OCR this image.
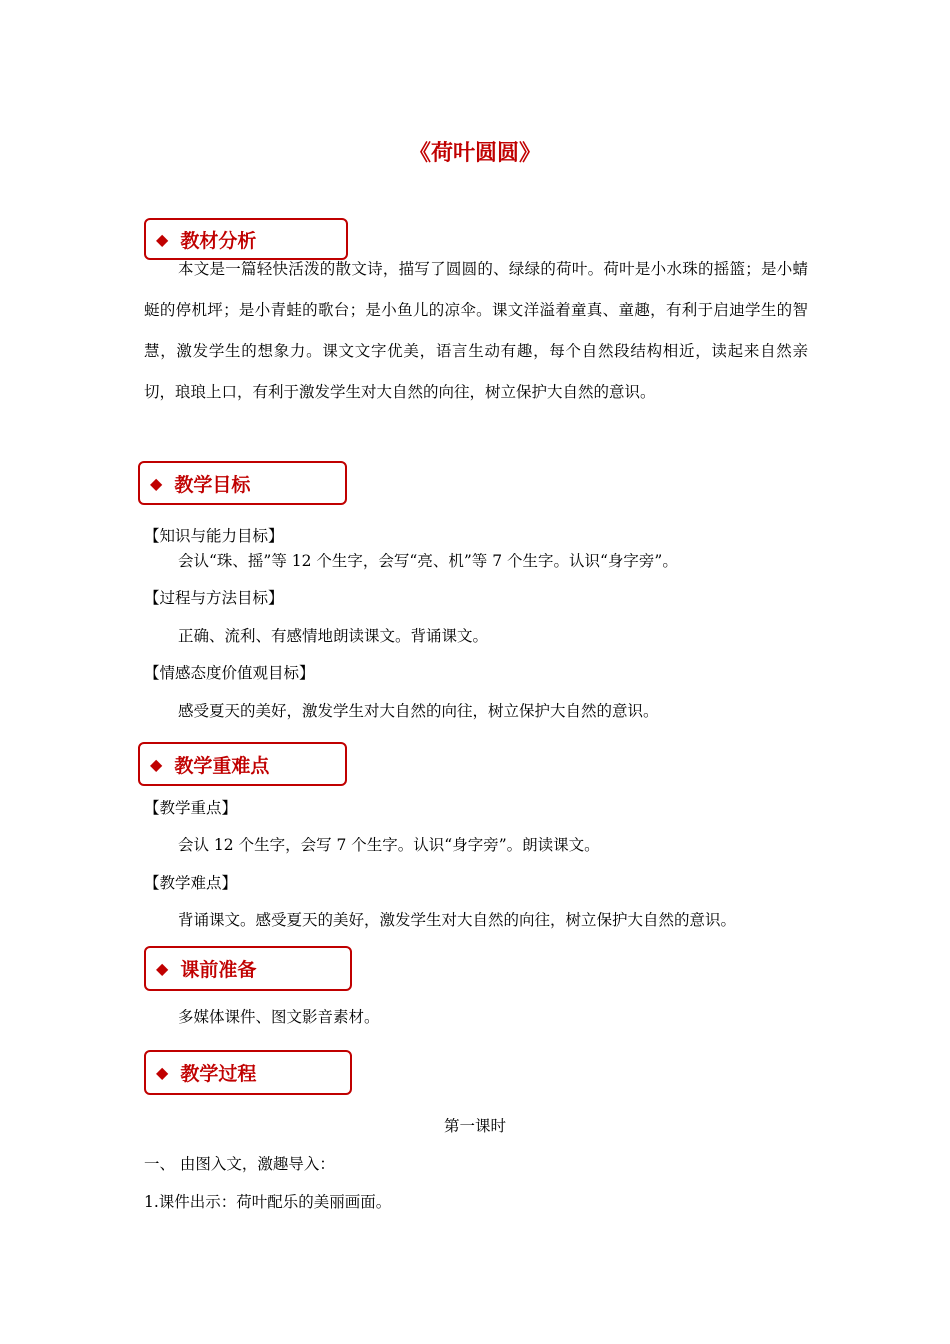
《荷叶圆圆》
◆ 教材分析
本文是一篇轻快活泼的散文诗，描写了圆圆的、绿绿的荷叶。荷叶是小水珠的摇篮；是小蜻蜓的停机坪；是小青蛙的歌台；是小鱼儿的凉伞。课文洋溢着童真、童趣，有利于启迪学生的智慧，激发学生的想象力。课文文字优美，语言生动有趣，每个自然段结构相近，读起来自然亲切，琅琅上口，有利于激发学生对大自然的向往，树立保护大自然的意识。
◆ 教学目标
【知识与能力目标】
会认“珠、摇”等 12 个生字，会写“亮、机”等 7 个生字。认识“身字旁”。
【过程与方法目标】
正确、流利、有感情地朗读课文。背诵课文。
【情感态度价值观目标】
感受夏天的美好，激发学生对大自然的向往，树立保护大自然的意识。
◆ 教学重难点
【教学重点】
会认 12 个生字，会写 7 个生字。认识“身字旁”。朗读课文。
【教学难点】
背诵课文。感受夏天的美好，激发学生对大自然的向往，树立保护大自然的意识。
◆ 课前准备
多媒体课件、图文影音素材。
◆ 教学过程
第一课时
一、 由图入文，激趣导入：
1.课件出示：荷叶配乐的美丽画面。
